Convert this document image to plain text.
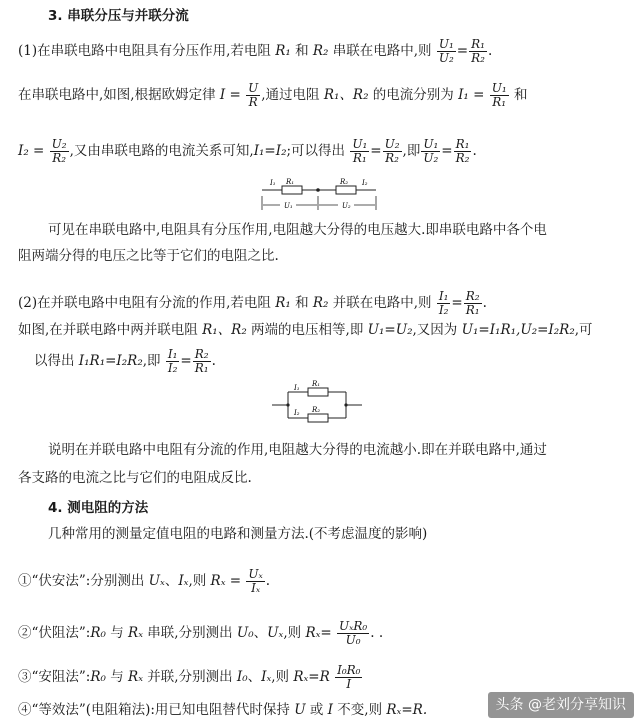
3. 串联分压与并联分流
(1)在串联电路中电阻具有分压作用,若电阻 R₁ 和 R₂ 串联在电路中,则 $\frac{\text{U₁}}{\text{U₂}} = \frac{\text{R₁}}{\text{R₂}}$ .
在串联电路中,如图,根据欧姆定律 $I = \frac{U}{R}$ ,通过电阻 R₁、R₂ 的电流分别为 $I_1 = \frac{\text{U₁}}{\text{R₁}}$ 和
$I_2 = \frac{\text{U₂}}{\text{R₂}}$ ,又由串联电路的电流关系可知,I₁=I₂;可以得出 $\frac{\text{U₁}}{\text{R₁}} = \frac{\text{U₂}}{\text{R₂}}$ ,即 $\frac{\text{U₁}}{\text{U₂}} = \frac{\text{R₁}}{\text{R₂}}$ .
I₁ R₁
U₁
R₂ I₂
U₂
可见在串联电路中,电阻具有分压作用,电阻越大分得的电压越大.即串联电路中各个电
阻两端分得的电压之比等于它们的电阻之比.
(2)在并联电路中电阻有分流的作用,若电阻 R₁ 和 R₂ 并联在电路中,则 $\frac{\text{I₁}}{\text{I₂}} = \frac{\text{R₂}}{\text{R₁}}$ .
如图,在并联电路中两并联电阻 R₁、R₂ 两端的电压相等,即 U₁=U₂,又因为 U₁=I₁R₁,U₂=I₂R₂,可
以得出 I₁R₁=I₂R₂,即 $\frac{\text{I₁}}{\text{I₂}} = \frac{\text{R₂}}{\text{R₁}}$ .
I₁ R₁
I₂ R₂
说明在并联电路中电阻有分流的作用,电阻越大分得的电流越小.即在并联电路中,通过
各支路的电流之比与它们的电阻成反比.
4. 测电阻的方法
几种常用的测量定值电阻的电路和测量方法.(不考虑温度的影响)
①“伏安法”:分别测出 Uₓ、Iₓ,则 $R_x = \frac{\text{Uₓ}}{\text{Iₓ}}$ .
②“伏阻法”:R₀ 与 Rₓ 串联,分别测出 U₀、Uₓ,则 $R_x= \frac{\text{UₓR₀}}{\text{U₀}}$ . .
③“安阻法”:R₀ 与 Rₓ 并联,分别测出 I₀、Iₓ,则 $R_x=R \frac{\text{I₀R₀}}{I}$
④“等效法”(电阻箱法):用已知电阻替代时保持 U 或 I 不变,则 Rₓ=R.	头条 @老刘分享知识
